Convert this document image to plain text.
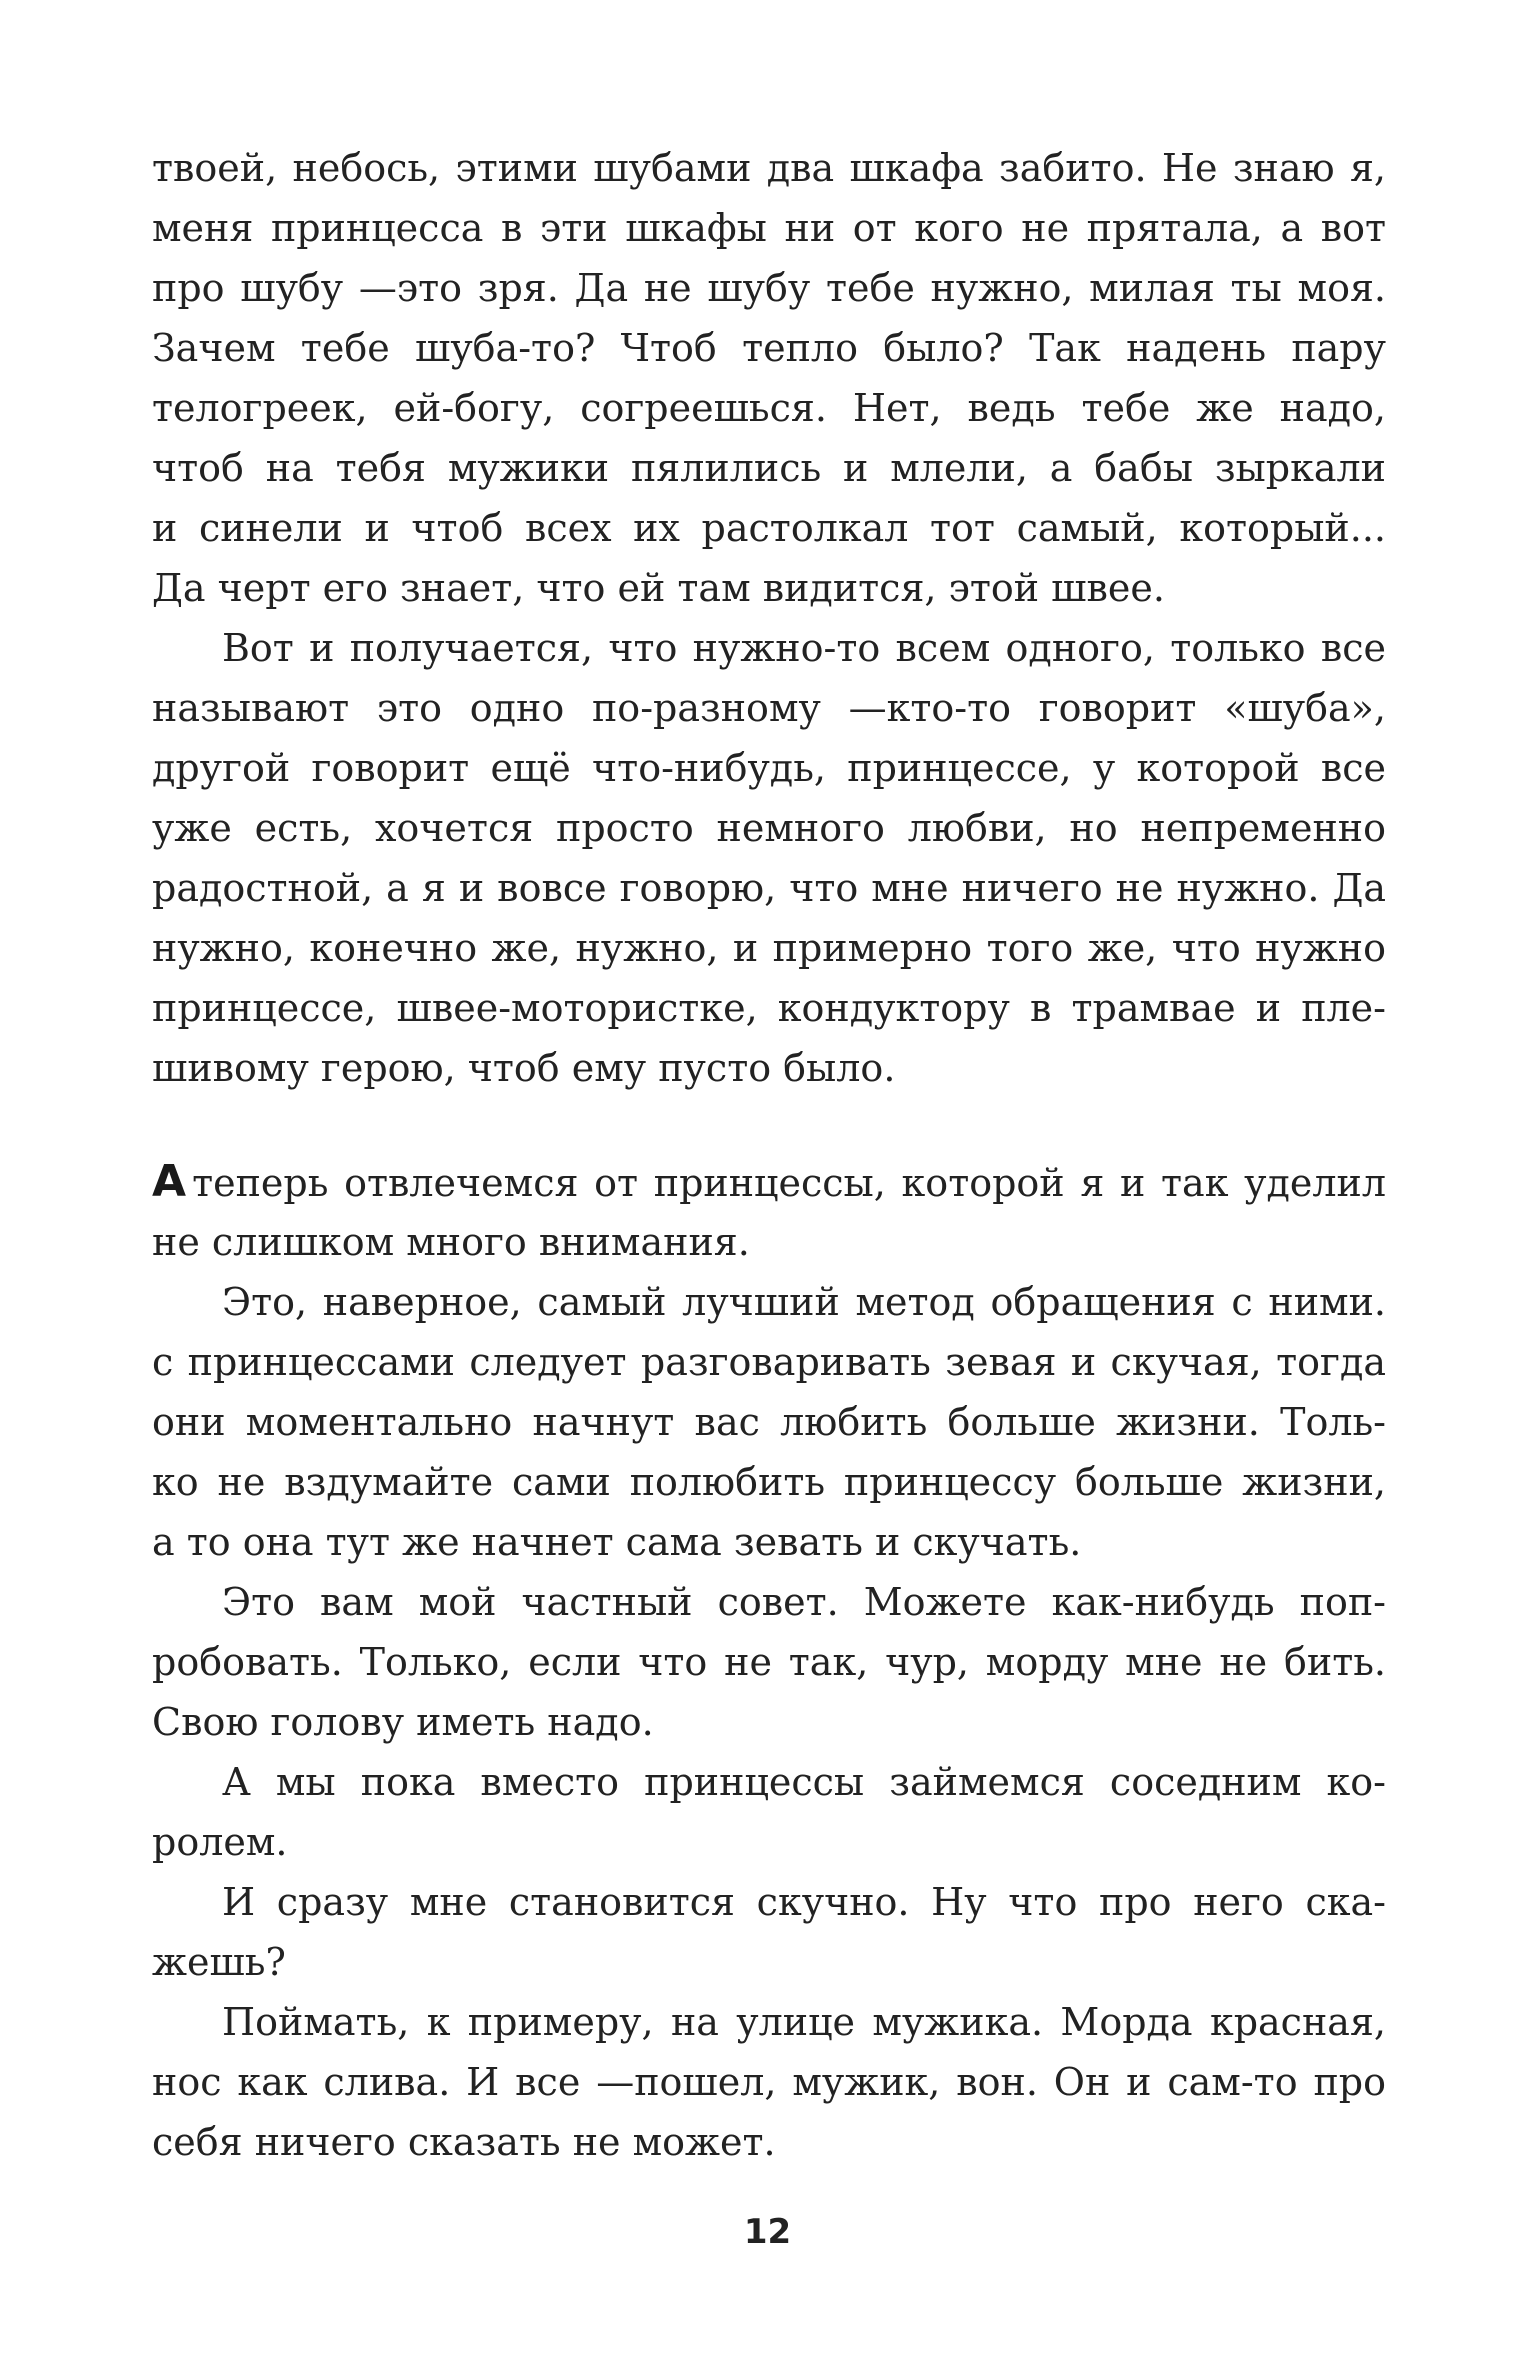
твоей, небось, этими шубами два шкафа забито. Не знаю я,
меня принцесса в эти шкафы ни от кого не прятала, а вот
про шубу —это зря. Да не шубу тебе нужно, милая ты моя.
Зачем тебе шуба-то? Чтоб тепло было? Так надень пару
телогреек, ей-богу, согреешься. Нет, ведь тебе же надо,
чтоб на тебя мужики пялились и млели, а бабы зыркали
и синели и чтоб всех их растолкал тот самый, который...
Да черт его знает, что ей там видится, этой швее.
Вот и получается, что нужно-то всем одного, только все
называют это одно по-разному —кто-то говорит «шуба»,
другой говорит ещё что-нибудь, принцессе, у которой все
уже есть, хочется просто немного любви, но непременно
радостной, а я и вовсе говорю, что мне ничего не нужно. Да
нужно, конечно же, нужно, и примерно того же, что нужно
принцессе, швее-мотористке, кондуктору в трамвае и пле-
шивому герою, чтоб ему пусто было.
А теперь отвлечемся от принцессы, которой я и так уделил
не слишком много внимания.
Это, наверное, самый лучший метод обращения с ними.
с принцессами следует разговаривать зевая и скучая, тогда
они моментально начнут вас любить больше жизни. Толь-
ко не вздумайте сами полюбить принцессу больше жизни,
а то она тут же начнет сама зевать и скучать.
Это вам мой частный совет. Можете как-нибудь поп-
робовать. Только, если что не так, чур, морду мне не бить.
Свою голову иметь надо.
А мы пока вместо принцессы займемся соседним ко-
ролем.
И сразу мне становится скучно. Ну что про него ска-
жешь?
Поймать, к примеру, на улице мужика. Морда красная,
нос как слива. И все —пошел, мужик, вон. Он и сам-то про
себя ничего сказать не может.
12
